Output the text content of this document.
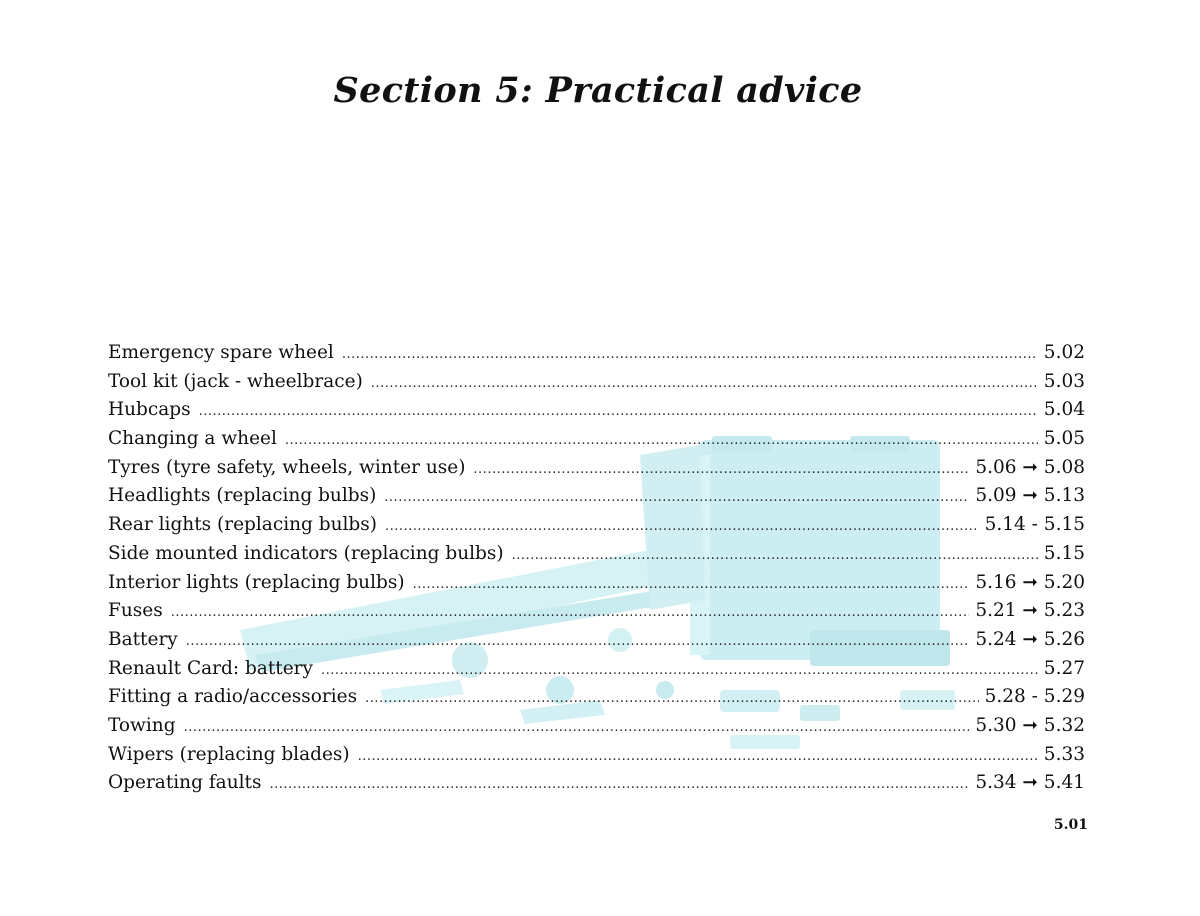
Section 5: Practical advice
Emergency spare wheel .....	5.02
Tool kit (jack - wheelbrace) .....	5.03
Hubcaps .....	5.04
Changing a wheel .....	5.05
Tyres (tyre safety, wheels, winter use) .....	5.06 ➞ 5.08
Headlights (replacing bulbs) .....	5.09 ➞ 5.13
Rear lights (replacing bulbs) .....	5.14 - 5.15
Side mounted indicators (replacing bulbs) .....	5.15
Interior lights (replacing bulbs) .....	5.16 ➞ 5.20
Fuses .....	5.21 ➞ 5.23
Battery .....	5.24 ➞ 5.26
Renault Card: battery .....	5.27
Fitting a radio/accessories .....	5.28 - 5.29
Towing .....	5.30 ➞ 5.32
Wipers (replacing blades) .....	5.33
Operating faults .....	5.34 ➞ 5.41
5.01
